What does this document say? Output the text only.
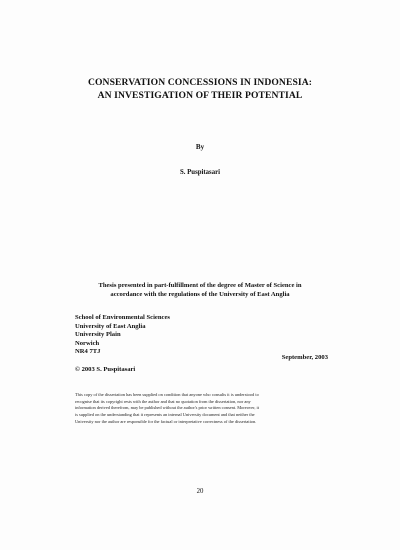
CONSERVATION CONCESSIONS IN INDONESIA:
AN INVESTIGATION OF THEIR POTENTIAL
By
S. Puspitasari
Thesis presented in part-fulfillment of the degree of Master of Science in
accordance with the regulations of the University of East Anglia
School of Environmental Sciences
University of East Anglia
University Plain
Norwich
NR4 7TJ
September, 2003
© 2003 S. Puspitasari
This copy of the dissertation has been supplied on condition that anyone who consults it is understood to
recognise that its copyright rests with the author and that no quotation from the dissertation, nor any
information derived therefrom, may be published without the author's prior written consent. Moreover, it
is supplied on the understanding that it represents an internal University document and that neither the
University nor the author are responsible for the factual or interpretative correctness of the dissertation.
20
